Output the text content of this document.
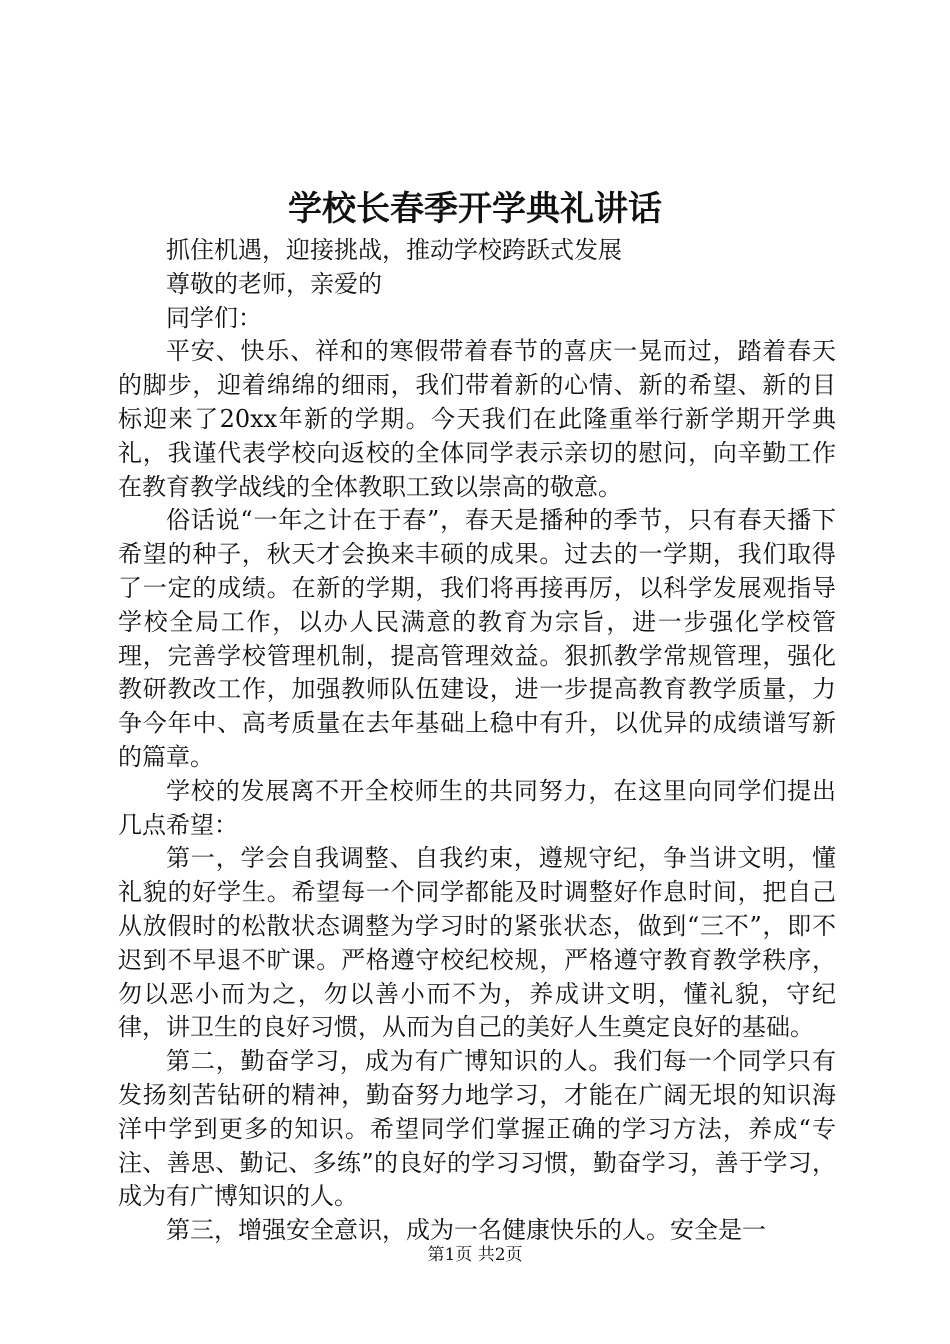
学校长春季开学典礼讲话

抓住机遇，迎接挑战，推动学校跨跃式发展

尊敬的老师，亲爱的

同学们：

平安、快乐、祥和的寒假带着春节的喜庆一晃而过，踏着春天的脚步，迎着绵绵的细雨，我们带着新的心情、新的希望、新的目标迎来了20xx年新的学期。今天我们在此隆重举行新学期开学典礼，我谨代表学校向返校的全体同学表示亲切的慰问，向辛勤工作在教育教学战线的全体教职工致以崇高的敬意。

俗话说“一年之计在于春”，春天是播种的季节，只有春天播下希望的种子，秋天才会换来丰硕的成果。过去的一学期，我们取得了一定的成绩。在新的学期，我们将再接再厉，以科学发展观指导学校全局工作，以办人民满意的教育为宗旨，进一步强化学校管理，完善学校管理机制，提高管理效益。狠抓教学常规管理，强化教研教改工作，加强教师队伍建设，进一步提高教育教学质量，力争今年中、高考质量在去年基础上稳中有升，以优异的成绩谱写新的篇章。

学校的发展离不开全校师生的共同努力，在这里向同学们提出几点希望：

第一，学会自我调整、自我约束，遵规守纪，争当讲文明，懂礼貌的好学生。希望每一个同学都能及时调整好作息时间，把自己从放假时的松散状态调整为学习时的紧张状态，做到“三不”，即不迟到不早退不旷课。严格遵守校纪校规，严格遵守教育教学秩序，勿以恶小而为之，勿以善小而不为，养成讲文明，懂礼貌，守纪律，讲卫生的良好习惯，从而为自己的美好人生奠定良好的基础。

第二，勤奋学习，成为有广博知识的人。我们每一个同学只有发扬刻苦钻研的精神，勤奋努力地学习，才能在广阔无垠的知识海洋中学到更多的知识。希望同学们掌握正确的学习方法，养成“专注、善思、勤记、多练”的良好的学习习惯，勤奋学习，善于学习，成为有广博知识的人。

第三，增强安全意识，成为一名健康快乐的人。安全是一

第1页 共2页
